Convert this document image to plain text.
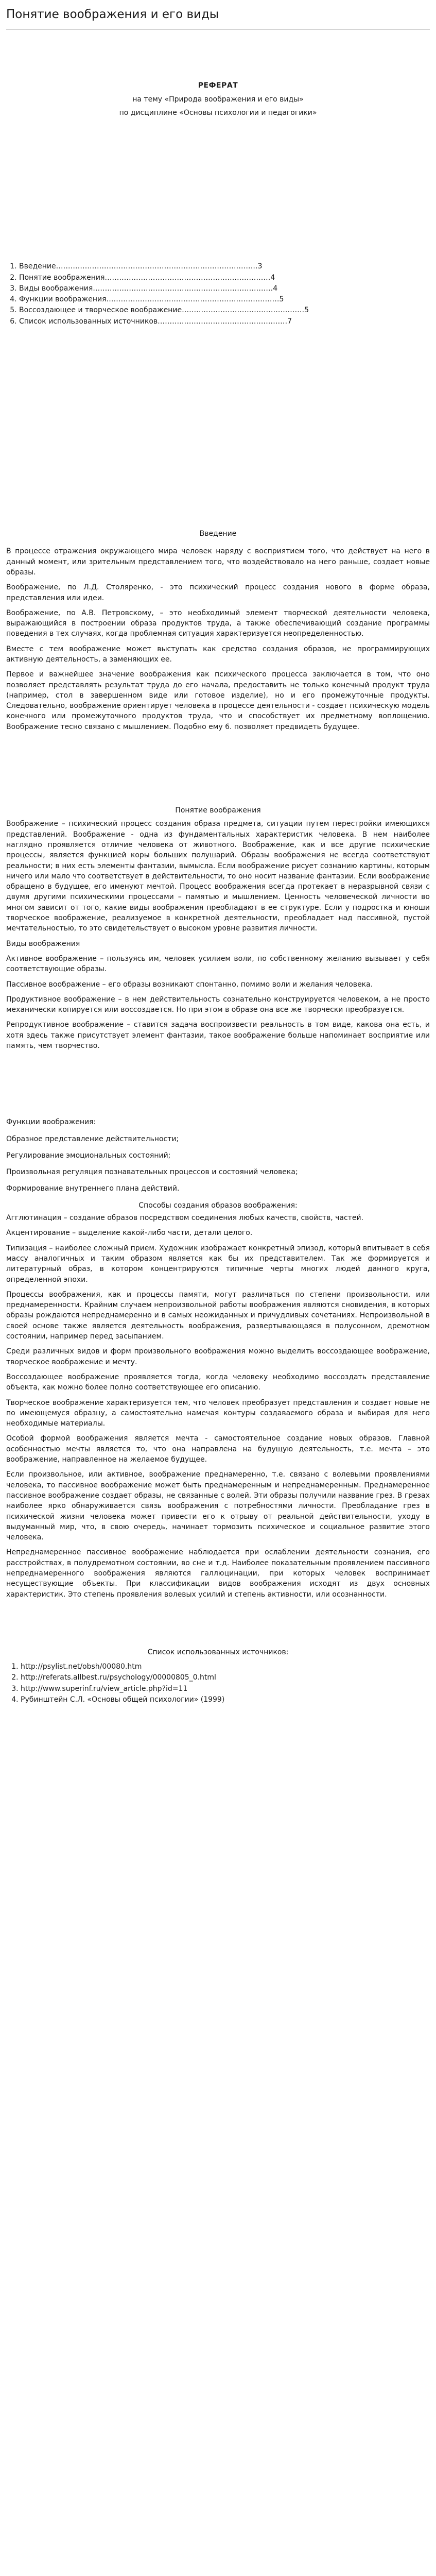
Понятие воображения и его виды

РЕФЕРАТ

на тему «Природа воображения и его виды»

по дисциплине «Основы психологии и педагогики»

1. Введение…………………………………………………………………………3
2. Понятие воображения……………………………………………………………4
3. Виды воображения…………………………………………………………………4
4. Функции воображения………………………………………………………………5
5. Воссоздающее и творческое воображение……………………………………………5
6. Список использованных источников………………………………………………7

Введение

В процессе отражения окружающего мира человек наряду с восприятием того, что действует на него в данный момент, или зрительным представлением того, что воздействовало на него раньше, создает новые образы.

Воображение, по Л.Д. Столяренко, - это психический процесс создания нового в форме образа, представления или идеи.

Воображение, по А.В. Петровскому, – это необходимый элемент творческой деятельности человека, выражающийся в построении образа продуктов труда, а также обеспечивающий создание программы поведения в тех случаях, когда проблемная ситуация характеризуется неопределенностью.

Вместе с тем воображение может выступать как средство создания образов, не программирующих активную деятельность, а заменяющих ее.

Первое и важнейшее значение воображения как психического процесса заключается в том, что оно позволяет представлять результат труда до его начала, предоставить не только конечный продукт труда (например, стол в завершенном виде или готовое изделие), но и его промежуточные продукты. Следовательно, воображение ориентирует человека в процессе деятельности - создает психическую модель конечного или промежуточного продуктов труда, что и способствует их предметному воплощению. Воображение тесно связано с мышлением. Подобно ему 6. позволяет предвидеть будущее.

Понятие воображения

Воображение – психический процесс создания образа предмета, ситуации путем перестройки имеющихся представлений. Воображение - одна из фундаментальных характеристик человека. В нем наиболее наглядно проявляется отличие человека от животного. Воображение, как и все другие психические процессы, является функцией коры больших полушарий. Образы воображения не всегда соответствуют реальности; в них есть элементы фантазии, вымысла. Если воображение рисует сознанию картины, которым ничего или мало что соответствует в действительности, то оно носит название фантазии. Если воображение обращено в будущее, его именуют мечтой. Процесс воображения всегда протекает в неразрывной связи с двумя другими психическими процессами – памятью и мышлением. Ценность человеческой личности во многом зависит от того, какие виды воображения преобладают в ее структуре. Если у подростка и юноши творческое воображение, реализуемое в конкретной деятельности, преобладает над пассивной, пустой мечтательностью, то это свидетельствует о высоком уровне развития личности.

Виды воображения

Активное воображение – пользуясь им, человек усилием воли, по собственному желанию вызывает у себя соответствующие образы.

Пассивное воображение – его образы возникают спонтанно, помимо воли и желания человека.

Продуктивное воображение – в нем действительность сознательно конструируется человеком, а не просто механически копируется или воссоздается. Но при этом в образе она все же творчески преобразуется.

Репродуктивное воображение – ставится задача воспроизвести реальность в том виде, какова она есть, и хотя здесь также присутствует элемент фантазии, такое воображение больше напоминает восприятие или память, чем творчество.

Функции воображения:

Образное представление действительности;

Регулирование эмоциональных состояний;

Произвольная регуляция познавательных процессов и состояний человека;

Формирование внутреннего плана действий.

Способы создания образов воображения:

Агглютинация – создание образов посредством соединения любых качеств, свойств, частей.

Акцентирование – выделение какой-либо части, детали целого.

Типизация – наиболее сложный прием. Художник изображает конкретный эпизод, который впитывает в себя массу аналогичных и таким образом является как бы их представителем. Так же формируется и литературный образ, в котором концентрируются типичные черты многих людей данного круга, определенной эпохи.

Процессы воображения, как и процессы памяти, могут различаться по степени произвольности, или преднамеренности. Крайним случаем непроизвольной работы воображения являются сновидения, в которых образы рождаются непреднамеренно и в самых неожиданных и причудливых сочетаниях. Непроизвольной в своей основе также является деятельность воображения, развертывающаяся в полусонном, дремотном состоянии, например перед засыпанием.

Среди различных видов и форм произвольного воображения можно выделить воссоздающее воображение, творческое воображение и мечту.

Воссоздающее воображение проявляется тогда, когда человеку необходимо воссоздать представление объекта, как можно более полно соответствующее его описанию.

Творческое воображение характеризуется тем, что человек преобразует представления и создает новые не по имеющемуся образцу, а самостоятельно намечая контуры создаваемого образа и выбирая для него необходимые материалы.

Особой формой воображения является мечта - самостоятельное создание новых образов. Главной особенностью мечты является то, что она направлена на будущую деятельность, т.е. мечта – это воображение, направленное на желаемое будущее.

Если произвольное, или активное, воображение преднамеренно, т.е. связано с волевыми проявлениями человека, то пассивное воображение может быть преднамеренным и непреднамеренным. Преднамеренное пассивное воображение создает образы, не связанные с волей. Эти образы получили название грез. В грезах наиболее ярко обнаруживается связь воображения с потребностями личности. Преобладание грез в психической жизни человека может привести его к отрыву от реальной действительности, уходу в выдуманный мир, что, в свою очередь, начинает тормозить психическое и социальное развитие этого человека.

Непреднамеренное пассивное воображение наблюдается при ослаблении деятельности сознания, его расстройствах, в полудремотном состоянии, во сне и т.д. Наиболее показательным проявлением пассивного непреднамеренного воображения являются галлюцинации, при которых человек воспринимает несуществующие объекты. При классификации видов воображения исходят из двух основных характеристик. Это степень проявления волевых усилий и степень активности, или осознанности.

Список использованных источников:

1. http://psylist.net/obsh/00080.htm
2. http://referats.allbest.ru/psychology/00000805_0.html
3. http://www.superinf.ru/view_article.php?id=11
4. Рубинштейн С.Л. «Основы общей психологии» (1999)
